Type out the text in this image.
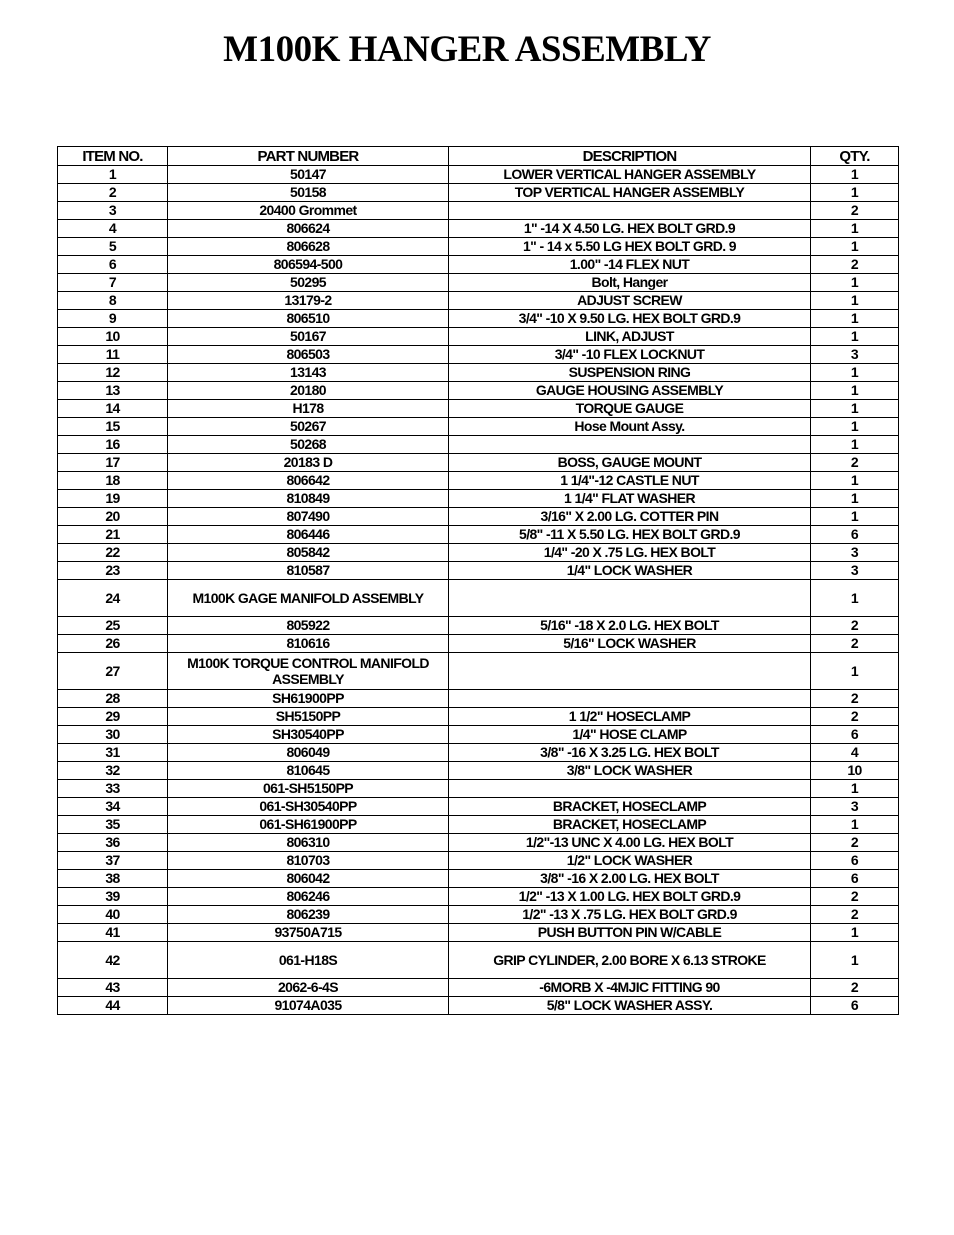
M100K HANGER ASSEMBLY
ITEM NO.	PART NUMBER	DESCRIPTION	QTY.
1	50147	LOWER VERTICAL HANGER ASSEMBLY	1
2	50158	TOP VERTICAL HANGER ASSEMBLY	1
3	20400 Grommet		2
4	806624	1" -14 X 4.50 LG. HEX BOLT GRD.9	1
5	806628	1" - 14 x 5.50 LG HEX BOLT GRD. 9	1
6	806594-500	1.00" -14 FLEX NUT	2
7	50295	Bolt, Hanger	1
8	13179-2	ADJUST SCREW	1
9	806510	3/4" -10 X 9.50 LG. HEX BOLT GRD.9	1
10	50167	LINK, ADJUST	1
11	806503	3/4" -10 FLEX LOCKNUT	3
12	13143	SUSPENSION RING	1
13	20180	GAUGE HOUSING ASSEMBLY	1
14	H178	TORQUE GAUGE	1
15	50267	Hose Mount Assy.	1
16	50268		1
17	20183 D	BOSS, GAUGE MOUNT	2
18	806642	1 1/4"-12 CASTLE NUT	1
19	810849	1 1/4" FLAT WASHER	1
20	807490	3/16" X 2.00 LG. COTTER PIN	1
21	806446	5/8" -11 X 5.50 LG. HEX BOLT GRD.9	6
22	805842	1/4" -20 X .75 LG. HEX BOLT	3
23	810587	1/4" LOCK WASHER	3
24	M100K GAGE MANIFOLD ASSEMBLY		1
25	805922	5/16" -18 X 2.0 LG. HEX BOLT	2
26	810616	5/16" LOCK WASHER	2
27	M100K TORQUE CONTROL MANIFOLD ASSEMBLY		1
28	SH61900PP		2
29	SH5150PP	1 1/2" HOSECLAMP	2
30	SH30540PP	1/4" HOSE CLAMP	6
31	806049	3/8" -16 X 3.25 LG. HEX BOLT	4
32	810645	3/8" LOCK WASHER	10
33	061-SH5150PP		1
34	061-SH30540PP	BRACKET, HOSECLAMP	3
35	061-SH61900PP	BRACKET, HOSECLAMP	1
36	806310	1/2"-13 UNC X 4.00 LG. HEX BOLT	2
37	810703	1/2" LOCK WASHER	6
38	806042	3/8" -16 X 2.00 LG. HEX BOLT	6
39	806246	1/2" -13 X 1.00 LG. HEX BOLT GRD.9	2
40	806239	1/2" -13 X .75 LG. HEX BOLT GRD.9	2
41	93750A715	PUSH BUTTON PIN W/CABLE	1
42	061-H18S	GRIP CYLINDER, 2.00 BORE X 6.13 STROKE	1
43	2062-6-4S	-6MORB X -4MJIC FITTING 90	2
44	91074A035	5/8" LOCK WASHER ASSY.	6
